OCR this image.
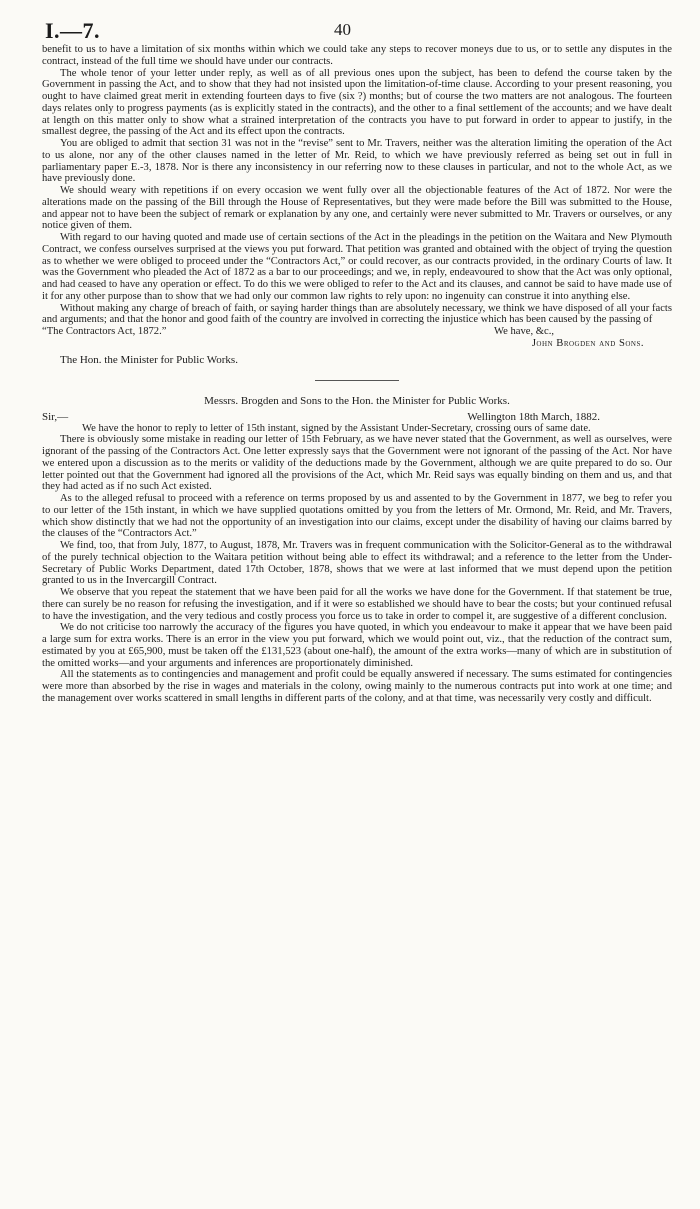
I.—7.	40

benefit to us to have a limitation of six months within which we could take any steps to recover moneys due to us, or to settle any disputes in the contract, instead of the full time we should have under our contracts.

The whole tenor of your letter under reply, as well as of all previous ones upon the subject, has been to defend the course taken by the Government in passing the Act, and to show that they had not insisted upon the limitation-of-time clause. According to your present reasoning, you ought to have claimed great merit in extending fourteen days to five (six ?) months; but of course the two matters are not analogous. The fourteen days relates only to progress payments (as is explicitly stated in the contracts), and the other to a final settlement of the accounts; and we have dealt at length on this matter only to show what a strained interpretation of the contracts you have to put forward in order to appear to justify, in the smallest degree, the passing of the Act and its effect upon the contracts.

You are obliged to admit that section 31 was not in the “revise” sent to Mr. Travers, neither was the alteration limiting the operation of the Act to us alone, nor any of the other clauses named in the letter of Mr. Reid, to which we have previously referred as being set out in full in parliamentary paper E.-3, 1878. Nor is there any inconsistency in our referring now to these clauses in particular, and not to the whole Act, as we have previously done.

We should weary with repetitions if on every occasion we went fully over all the objectionable features of the Act of 1872. Nor were the alterations made on the passing of the Bill through the House of Representatives, but they were made before the Bill was submitted to the House, and appear not to have been the subject of remark or explanation by any one, and certainly were never submitted to Mr. Travers or ourselves, or any notice given of them.

With regard to our having quoted and made use of certain sections of the Act in the pleadings in the petition on the Waitara and New Plymouth Contract, we confess ourselves surprised at the views you put forward. That petition was granted and obtained with the object of trying the question as to whether we were obliged to proceed under the “Contractors Act,” or could recover, as our contracts provided, in the ordinary Courts of law. It was the Government who pleaded the Act of 1872 as a bar to our proceedings; and we, in reply, endeavoured to show that the Act was only optional, and had ceased to have any operation or effect. To do this we were obliged to refer to the Act and its clauses, and cannot be said to have made use of it for any other purpose than to show that we had only our common law rights to rely upon: no ingenuity can construe it into anything else.

Without making any charge of breach of faith, or saying harder things than are absolutely necessary, we think we have disposed of all your facts and arguments; and that the honor and good faith of the country are involved in correcting the injustice which has been caused by the passing of

“The Contractors Act, 1872.”	We have, &c.,
John Brogden and Sons.
The Hon. the Minister for Public Works.
Messrs. Brogden and Sons to the Hon. the Minister for Public Works.
Sir,—	Wellington 18th March, 1882.

We have the honor to reply to letter of 15th instant, signed by the Assistant Under-Secretary, crossing ours of same date.

There is obviously some mistake in reading our letter of 15th February, as we have never stated that the Government, as well as ourselves, were ignorant of the passing of the Contractors Act. One letter expressly says that the Government were not ignorant of the passing of the Act. Nor have we entered upon a discussion as to the merits or validity of the deductions made by the Government, although we are quite prepared to do so. Our letter pointed out that the Government had ignored all the provisions of the Act, which Mr. Reid says was equally binding on them and us, and that they had acted as if no such Act existed.

As to the alleged refusal to proceed with a reference on terms proposed by us and assented to by the Government in 1877, we beg to refer you to our letter of the 15th instant, in which we have supplied quotations omitted by you from the letters of Mr. Ormond, Mr. Reid, and Mr. Travers, which show distinctly that we had not the opportunity of an investigation into our claims, except under the disability of having our claims barred by the clauses of the “Contractors Act.”

We find, too, that from July, 1877, to August, 1878, Mr. Travers was in frequent communication with the Solicitor-General as to the withdrawal of the purely technical objection to the Waitara petition without being able to effect its withdrawal; and a reference to the letter from the Under-Secretary of Public Works Department, dated 17th October, 1878, shows that we were at last informed that we must depend upon the petition granted to us in the Invercargill Contract.

We observe that you repeat the statement that we have been paid for all the works we have done for the Government. If that statement be true, there can surely be no reason for refusing the investigation, and if it were so established we should have to bear the costs; but your continued refusal to have the investigation, and the very tedious and costly process you force us to take in order to compel it, are suggestive of a different conclusion.

We do not criticise too narrowly the accuracy of the figures you have quoted, in which you endeavour to make it appear that we have been paid a large sum for extra works. There is an error in the view you put forward, which we would point out, viz., that the reduction of the contract sum, estimated by you at £65,900, must be taken off the £131,523 (about one-half), the amount of the extra works—many of which are in substitution of the omitted works—and your arguments and inferences are proportionately diminished.

All the statements as to contingencies and management and profit could be equally answered if necessary. The sums estimated for contingencies were more than absorbed by the rise in wages and materials in the colony, owing mainly to the numerous contracts put into work at one time; and the management over works scattered in small lengths in different parts of the colony, and at that time, was necessarily very costly and difficult.
